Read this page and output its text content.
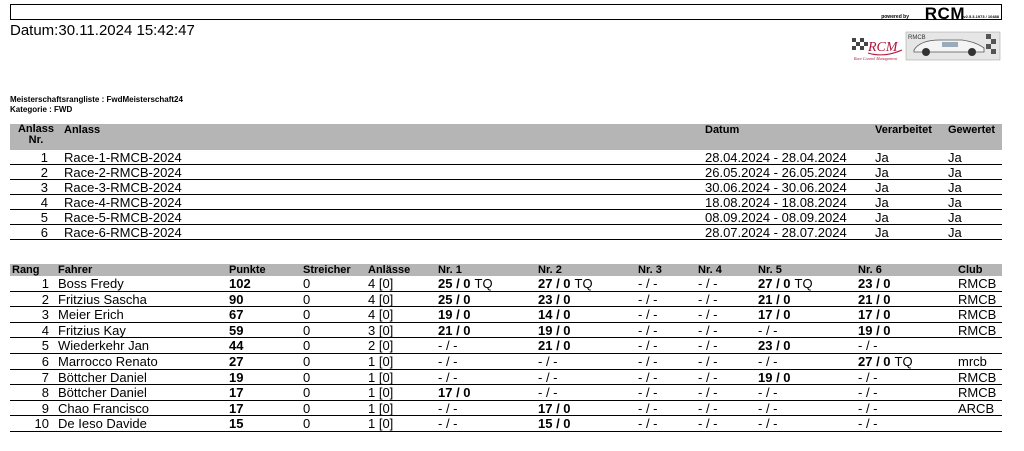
powered by RCM
v2.5.3.1973 / 10488
Datum:30.11.2024 15:42:47
RCM
Race Control Management
RMCB
Meisterschaftsrangliste : FwdMeisterschaft24
Kategorie : FWD
Anlass
Nr.
Anlass	Datum	Verarbeitet Gewertet
1 Race-1-RMCB-2024	28.04.2024 - 28.04.2024 Ja	Ja
2 Race-2-RMCB-2024	26.05.2024 - 26.05.2024 Ja	Ja
3 Race-3-RMCB-2024	30.06.2024 - 30.06.2024 Ja	Ja
4 Race-4-RMCB-2024	18.08.2024 - 18.08.2024 Ja	Ja
5 Race-5-RMCB-2024	08.09.2024 - 08.09.2024 Ja	Ja
6 Race-6-RMCB-2024	28.07.2024 - 28.07.2024 Ja	Ja
Rang Fahrer	Punkte	Streicher Anlässe	Nr. 1	Nr. 2	Nr. 3	Nr. 4	Nr. 5	Nr. 6	Club
1 Boss Fredy	102	0	4 [0]	25 / 0 TQ	27 / 0 TQ	- / -	- / -	27 / 0 TQ	23 / 0	RMCB
2 Fritzius Sascha	90	0	4 [0]	25 / 0	23 / 0	- / -	- / -	21 / 0	21 / 0	RMCB
3 Meier Erich	67	0	4 [0]	19 / 0	14 / 0	- / -	- / -	17 / 0	17 / 0	RMCB
4 Fritzius Kay	59	0	3 [0]	21 / 0	19 / 0	- / -	- / -	- / -	19 / 0	RMCB
5 Wiederkehr Jan	44	0	2 [0]	- / -	21 / 0	- / -	- / -	23 / 0	- / -
6 Marrocco Renato	27	0	1 [0]	- / -	- / -	- / -	- / -	- / -	27 / 0 TQ	mrcb
7 Böttcher Daniel	19	0	1 [0]	- / -	- / -	- / -	- / -	19 / 0	- / -	RMCB
8 Böttcher Daniel	17	0	1 [0]	17 / 0	- / -	- / -	- / -	- / -	- / -	RMCB
9 Chao Francisco	17	0	1 [0]	- / -	17 / 0	- / -	- / -	- / -	- / -	ARCB
10 De Ieso Davide	15	0	1 [0]	- / -	15 / 0	- / -	- / -	- / -	- / -
